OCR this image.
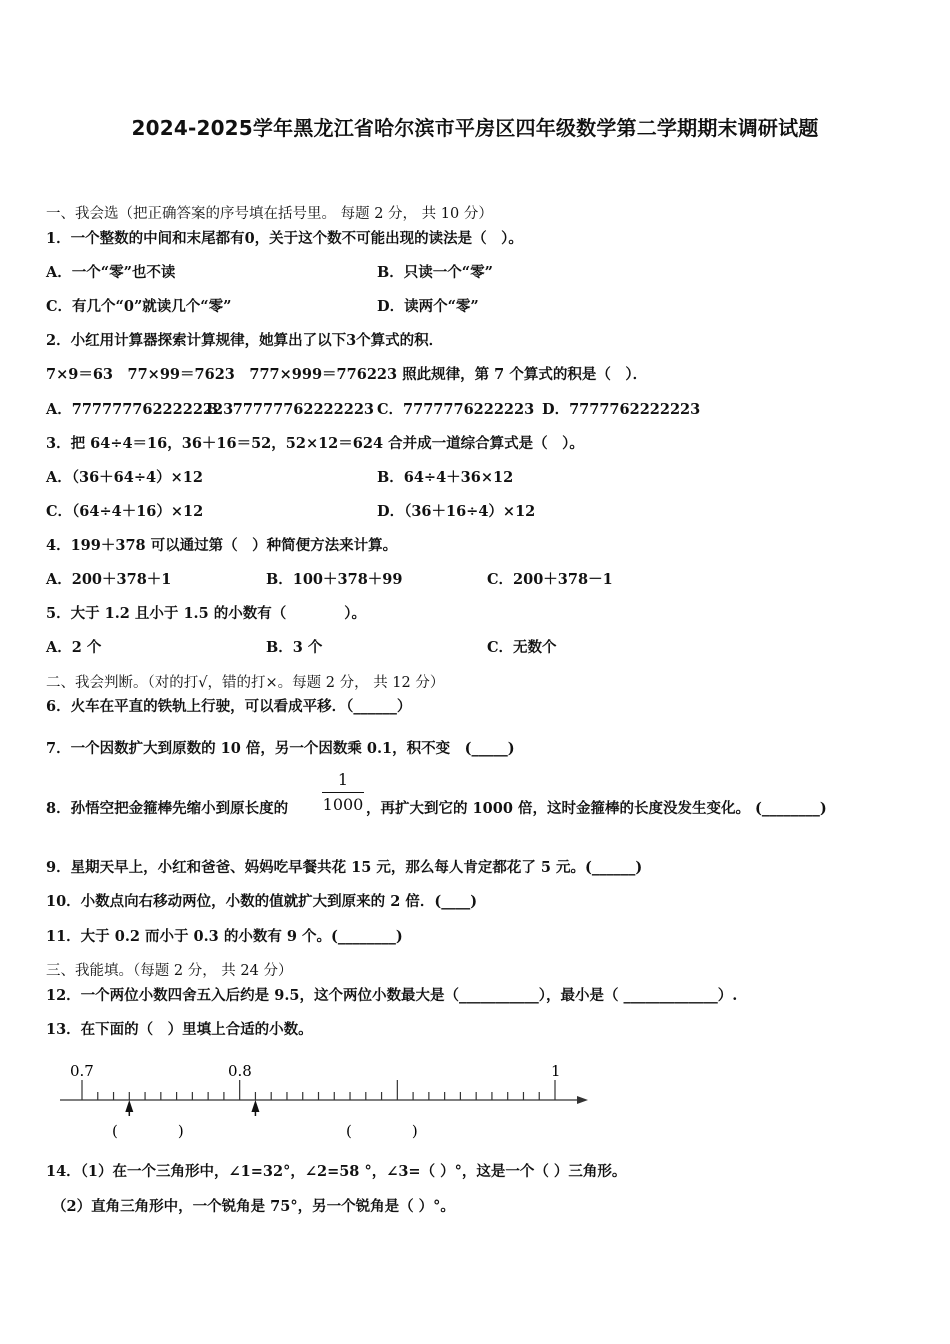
2024-2025学年黑龙江省哈尔滨市平房区四年级数学第二学期期末调研试题
一、我会选（把正确答案的序号填在括号里。 每题 2 分， 共 10 分）
1．一个整数的中间和末尾都有0，关于这个数不可能出现的读法是（　）。
A．一个“零”也不读	B．只读一个“零”
C．有几个“0”就读几个“零”	D．读两个“零”
2．小红用计算器探索计算规律，她算出了以下3个算式的积．
7×9＝63　77×99＝7623　777×999＝776223 照此规律，第 7 个算式的积是（　）．
A．7777777622222223
B．77777762222223 C．7777776222223 D．7777762222223
3．把 64÷4＝16，36＋16＝52，52×12＝624 合并成一道综合算式是（　）。
A．（36＋64÷4）×12	B．64÷4＋36×12
C．（64÷4＋16）×12	D．（36＋16÷4）×12
4．199＋378 可以通过第（　）种简便方法来计算。
A．200＋378＋1	B．100＋378＋99	C．200＋378－1
5．大于 1.2 且小于 1.5 的小数有（　　　　）。
A．2 个	B．3 个	C．无数个
二、我会判断。（对的打√，错的打×。每题 2 分， 共 12 分）
6．火车在平直的铁轨上行驶，可以看成平移．（______）
7．一个因数扩大到原数的 10 倍，另一个因数乘 0.1，积不变　(_____)
8．孙悟空把金箍棒先缩小到原长度的
1
1000 ，再扩大到它的 1000 倍，这时金箍棒的长度没发生变化。 (________)
9．星期天早上，小红和爸爸、妈妈吃早餐共花 15 元，那么每人肯定都花了 5 元。(______)
10．小数点向右移动两位，小数的值就扩大到原来的 2 倍．(____)
11．大于 0.2 而小于 0.3 的小数有 9 个。(________)
三、我能填。（每题 2 分， 共 24 分）
12．一个两位小数四舍五入后约是 9.5，这个两位小数最大是（___________），最小是（ _____________）.
13．在下面的（　）里填上合适的小数。
0.7	0.8	1
(　　　　)	(　　　　)
14．（1）在一个三角形中，∠1=32°，∠2=58 °，∠3=（ ）°，这是一个（ ）三角形。
（2）直角三角形中，一个锐角是 75°，另一个锐角是（ ）°。
